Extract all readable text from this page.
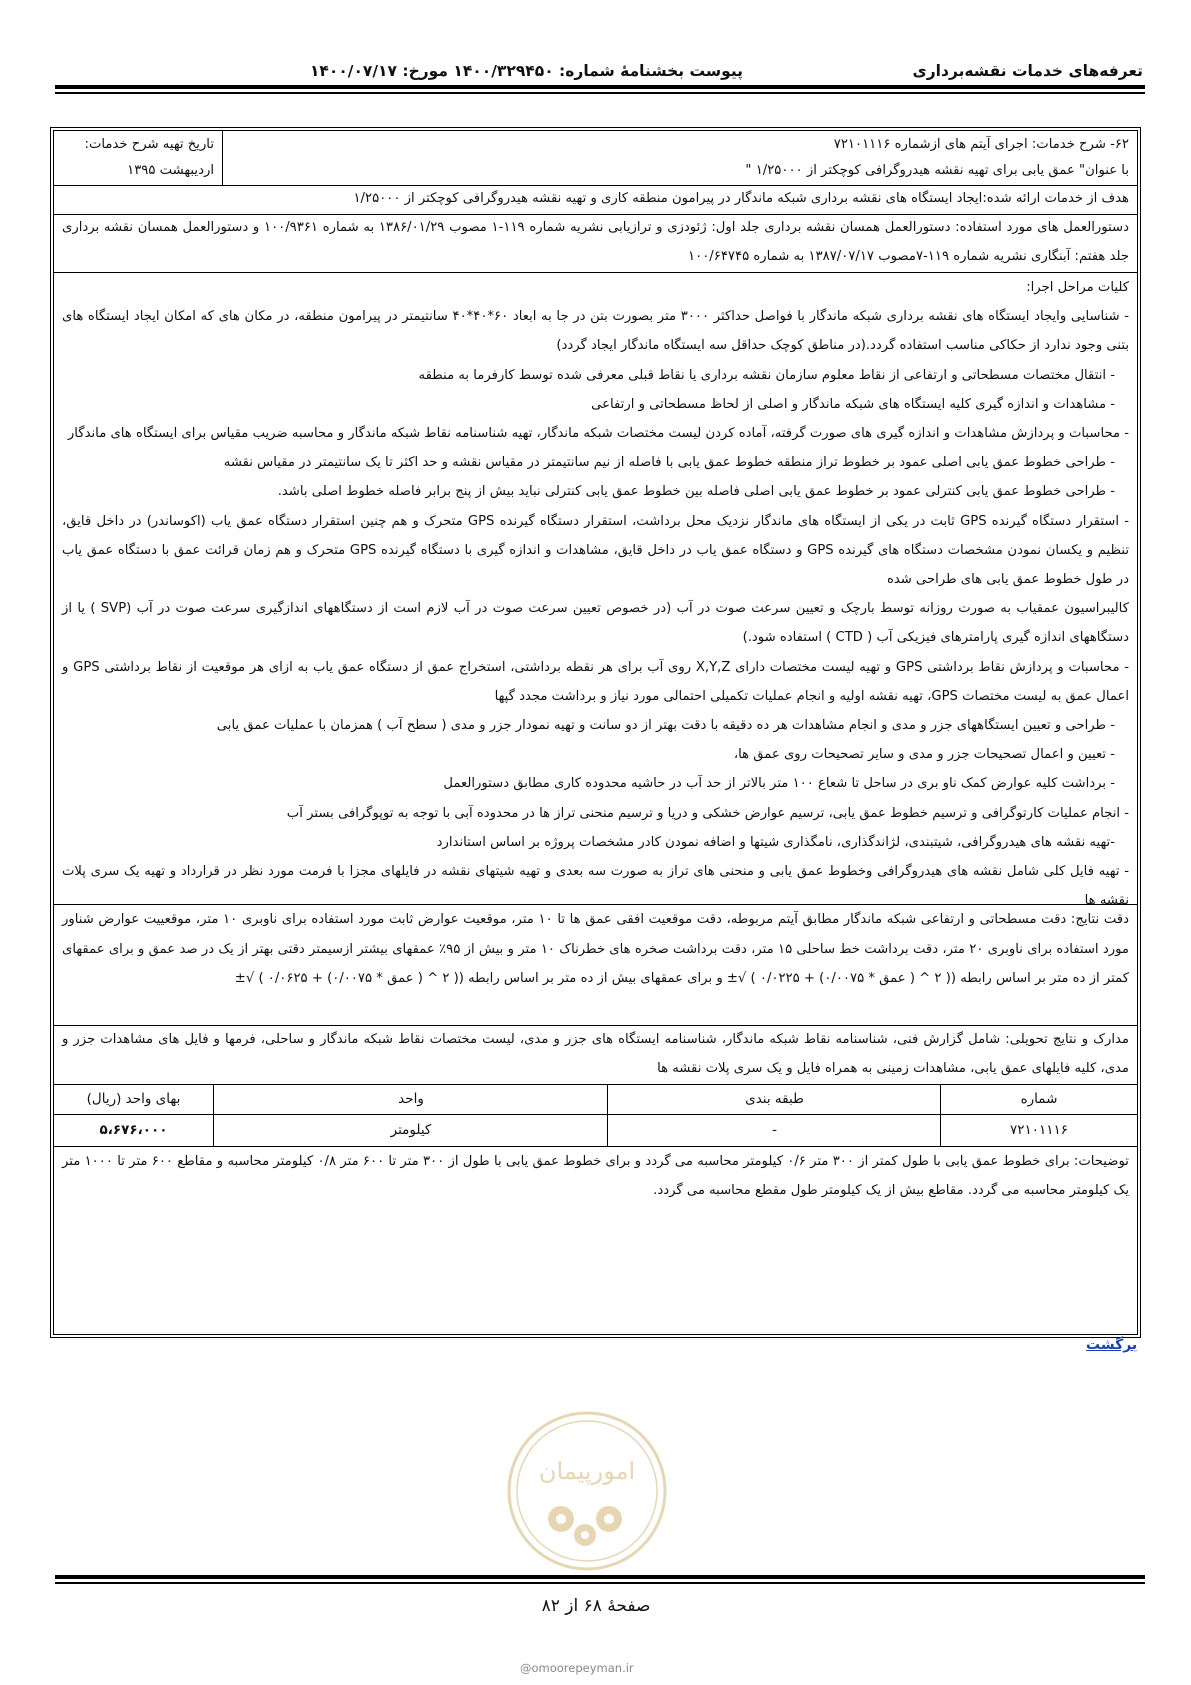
تعرفه‌های خدمات نقشه‌برداری
پیوست بخشنامهٔ شماره: ۱۴۰۰/۳۲۹۴۵۰ مورخ: ۱۴۰۰/۰۷/۱۷
۶۲- شرح خدمات: اجرای آیتم های ازشماره ۷۲۱۰۱۱۱۶
با عنوان" عمق یابی برای تهیه نقشه هیدروگرافی کوچکتر از ۱/۲۵۰۰۰ "
تاریخ تهیه شرح خدمات:
اردیبهشت ۱۳۹۵
هدف از خدمات ارائه شده:ایجاد ایستگاه های نقشه برداری شبکه ماندگار در پیرامون منطقه کاری و تهیه نقشه هیدروگرافی کوچکتر از ۱/۲۵۰۰۰
دستورالعمل های مورد استفاده: دستورالعمل همسان نقشه برداری جلد اول: ژئودزی و ترازیابی نشریه شماره ۱۱۹-۱ مصوب ۱۳۸۶/۰۱/۲۹ به شماره ۱۰۰/۹۳۶۱ و دستورالعمل همسان نقشه برداری جلد هفتم: آبنگاری نشریه شماره ۱۱۹-۷مصوب ۱۳۸۷/۰۷/۱۷ به شماره ۱۰۰/۶۴۷۴۵
کلیات مراحل اجرا:
- شناسایی وایجاد ایستگاه های نقشه برداری شبکه ماندگار با فواصل حداکثر ۳۰۰۰ متر بصورت بتن در جا به ابعاد ۶۰*۴۰*۴۰ سانتیمتر در پیرامون منطقه، در مکان های که امکان ایجاد ایستگاه های بتنی وجود ندارد از حکاکی مناسب استفاده گردد.(در مناطق کوچک حداقل سه ایستگاه ماندگار ایجاد گردد)
- انتقال مختصات مسطحاتی و ارتفاعی از نقاط معلوم سازمان نقشه برداری یا نقاط قبلی معرفی شده توسط کارفرما به منطقه
- مشاهدات و اندازه گیری کلیه ایستگاه های شبکه ماندگار و اصلی از لحاظ مسطحاتی و ارتفاعی
- محاسبات و پردازش مشاهدات و اندازه گیری های صورت گرفته، آماده کردن لیست مختصات شبکه ماندگار، تهیه شناسنامه نقاط شبکه ماندگار و محاسبه ضریب مقیاس برای ایستگاه های ماندگار
- طراحی خطوط عمق یابی اصلی عمود بر خطوط تراز منطقه خطوط عمق یابی با فاصله از نیم سانتیمتر در مقیاس نقشه و حد اکثر تا یک سانتیمتر در مقیاس نقشه
- طراحی خطوط عمق یابی کنترلی عمود بر خطوط عمق یابی اصلی فاصله بین خطوط عمق یابی کنترلی نباید بیش از پنج برابر فاصله خطوط اصلی باشد.
- استقرار دستگاه گیرنده GPS ثابت در یکی از ایستگاه های ماندگار نزدیک محل برداشت، استقرار دستگاه گیرنده GPS متحرک و هم چنین استقرار دستگاه عمق یاب (اکوساندر) در داخل قایق، تنظیم و یکسان نمودن مشخصات دستگاه های گیرنده GPS و دستگاه عمق یاب در داخل قایق، مشاهدات و اندازه گیری با دستگاه گیرنده GPS متحرک و هم زمان قرائت عمق با دستگاه عمق یاب در طول خطوط عمق یابی های طراحی شده
کالیبراسیون عمقیاب به صورت روزانه توسط بارچک و تعیین سرعت صوت در آب (در خصوص تعیین سرعت صوت در آب لازم است از دستگاههای اندازگیری سرعت صوت در آب (SVP ) یا از دستگاههای اندازه گیری پارامترهای فیزیکی آب ( CTD ) استفاده شود.)
- محاسبات و پردازش نقاط برداشتی GPS و تهیه لیست مختصات دارای X,Y,Z روی آب برای هر نقطه برداشتی، استخراج عمق از دستگاه عمق یاب به ازای هر موقعیت از نقاط برداشتی GPS و اعمال عمق به لیست مختصات GPS، تهیه نقشه اولیه و انجام عملیات تکمیلی احتمالی مورد نیاز و برداشت مجدد گپها
- طراحی و تعیین ایستگاههای جزر و مدی و انجام مشاهدات هر ده دقیقه با دقت بهتر از دو سانت و تهیه نمودار جزر و مدی ( سطح آب ) همزمان با عملیات عمق یابی
- تعیین و اعمال تصحیحات جزر و مدی و سایر تصحیحات روی عمق ها،
- برداشت کلیه عوارض کمک ناو بری در ساحل تا شعاع ۱۰۰ متر بالاتر از حد آب در حاشیه محدوده کاری مطابق دستورالعمل
- انجام عملیات کارتوگرافی و ترسیم خطوط عمق یابی، ترسیم عوارض خشکی و دریا و ترسیم منحنی تراز ها در محدوده آبی با توجه به توپوگرافی بستر آب
-تهیه نقشه های هیدروگرافی، شیتبندی، لژاندگذاری، نامگذاری شیتها و اضافه نمودن کادر مشخصات پروژه بر اساس استاندارد
- تهیه فایل کلی شامل نقشه های هیدروگرافی وخطوط عمق یابی و منحنی های تراز به صورت سه بعدی و تهیه شیتهای نقشه در فایلهای مجزا با فرمت مورد نظر در قرارداد و تهیه یک سری پلات نقشه ها
دقت نتایج: دقت مسطحاتی و ارتفاعی شبکه ماندگار مطابق آیتم مربوطه، دقت موقعیت افقی عمق ها تا ۱۰ متر، موقعیت عوارض ثابت مورد استفاده برای ناوبری ۱۰ متر، موقعییت عوارض شناور مورد استفاده برای ناوبری ۲۰ متر، دقت برداشت خط ساحلی ۱۵ متر، دقت برداشت صخره های خطرناک ۱۰ متر و بیش از ۹۵٪ عمقهای بیشتر ازسیمتر دقتی بهتر از یک در صد عمق و برای عمقهای کمتر از ده متر بر اساس رابطه (( ۲ ^ ( عمق * ۰/۰۰۷۵) + ۰/۰۲۲۵ ) √± و برای عمقهای بیش از ده متر بر اساس رابطه (( ۲ ^ ( عمق * ۰/۰۰۷۵) + ۰/۰۶۲۵ ) √±
مدارک و نتایج تحویلی: شامل گزارش فنی، شناسنامه نقاط شبکه ماندگار، شناسنامه ایستگاه های جزر و مدی، لیست مختصات نقاط شبکه ماندگار و ساحلی، فرمها و فایل های مشاهدات جزر و مدی، کلیه فایلهای عمق یابی، مشاهدات زمینی به همراه فایل و یک سری پلات نقشه ها
شماره
طبقه بندی
واحد
بهای واحد (ریال)
۷۲۱۰۱۱۱۶
-
کیلومتر
۵،۶۷۶،۰۰۰
توضیحات: برای خطوط عمق یابی با طول کمتر از ۳۰۰ متر ۰/۶ کیلومتر محاسبه می گردد و برای خطوط عمق یابی با طول از ۳۰۰ متر تا ۶۰۰ متر ۰/۸ کیلومتر محاسبه و مقاطع ۶۰۰ متر تا ۱۰۰۰ متر یک کیلومتر محاسبه می گردد. مقاطع بیش از یک کیلومتر طول مقطع محاسبه می گردد.
برگشت
امورپیمان
صفحهٔ ۶۸ از ۸۲
@omoorepeyman.ir
